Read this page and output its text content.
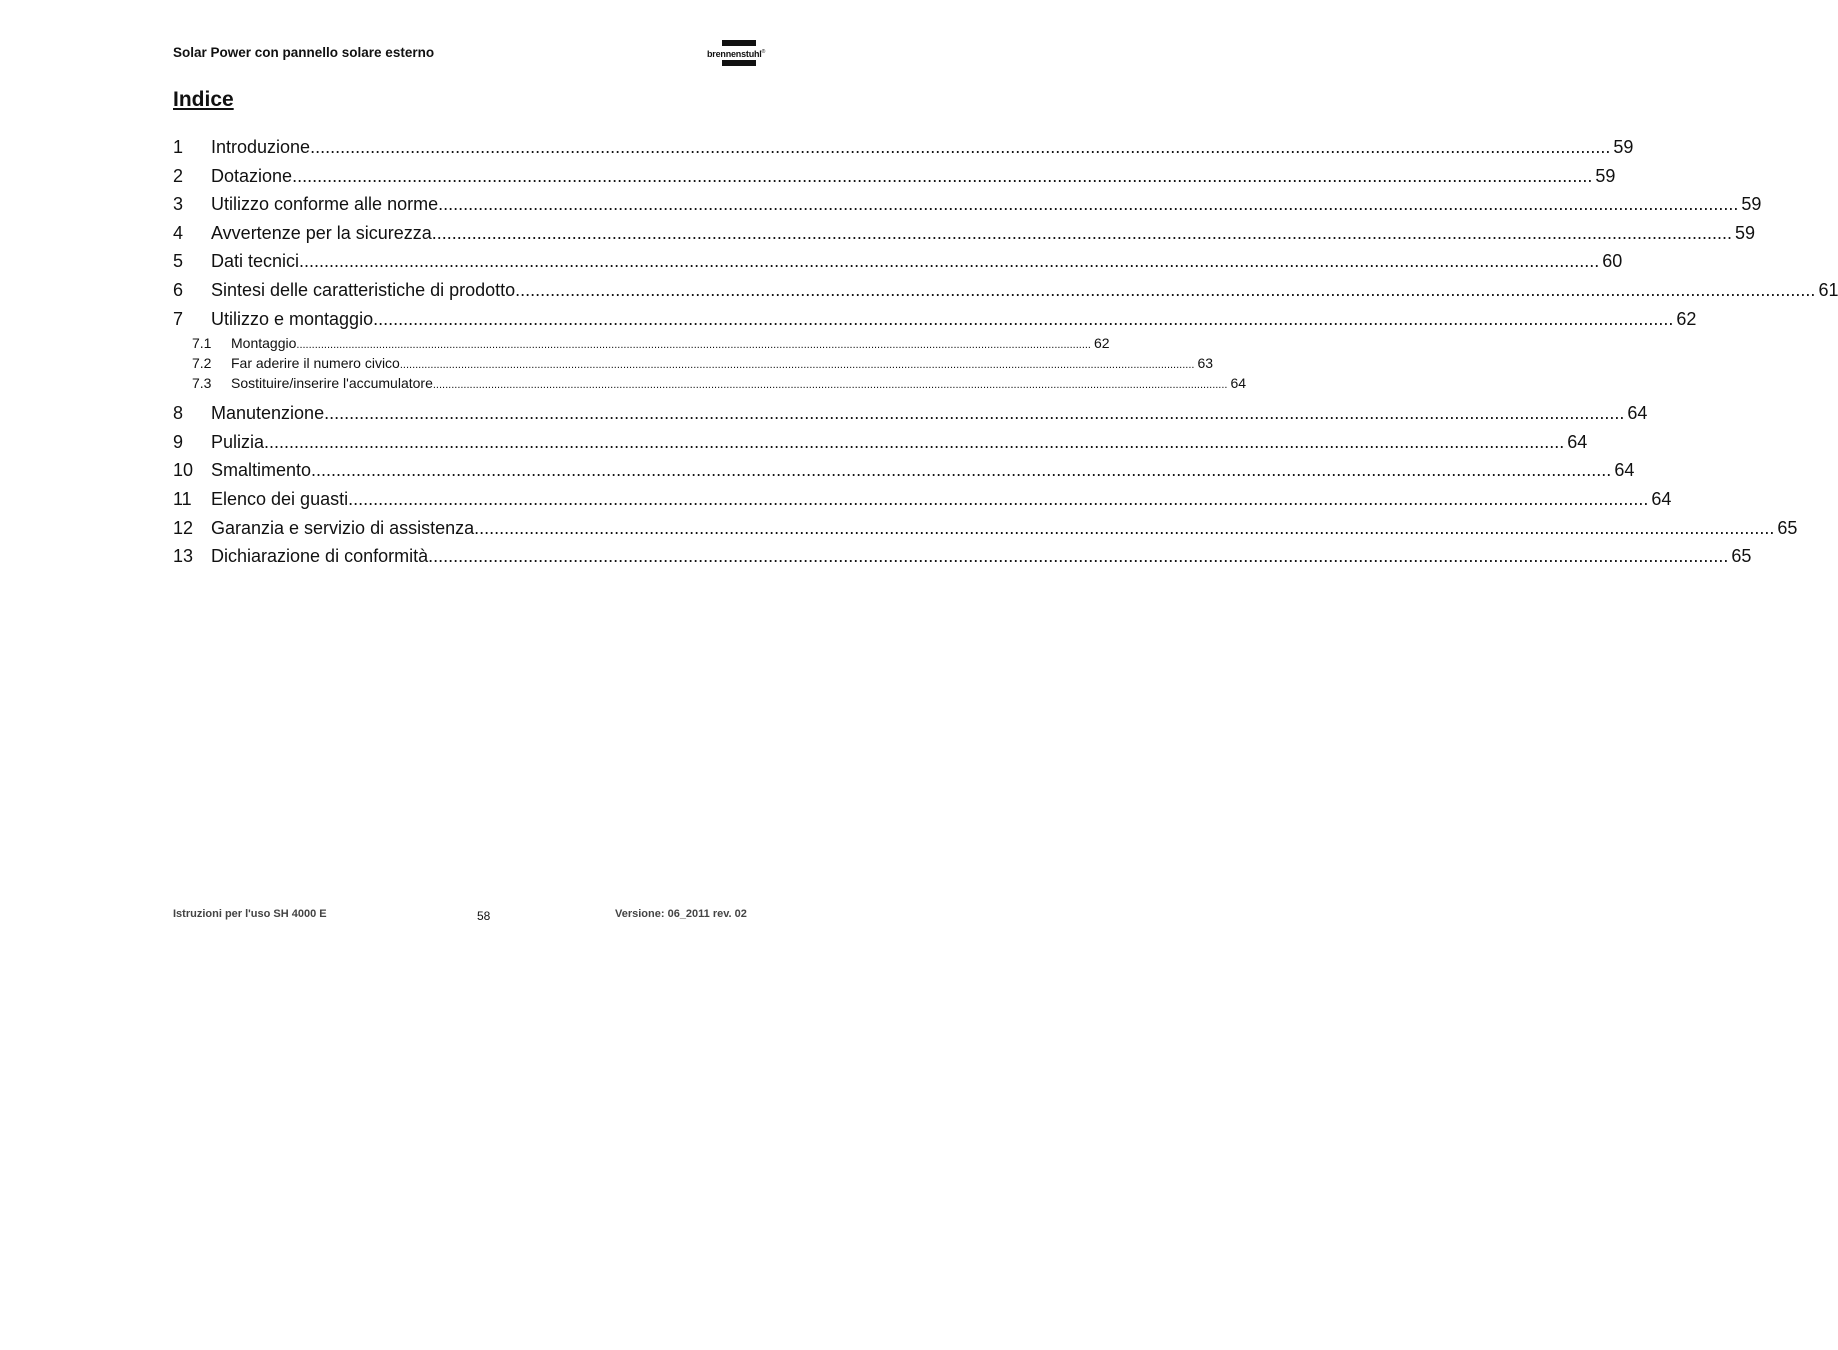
Solar Power con pannello solare esterno	brennenstuhl®
Indice
1	Introduzione .................................................................................................................................................................................................................................................................... 59
2	Dotazione .................................................................................................................................................................................................................................................................... 59
3	Utilizzo conforme alle norme .................................................................................................................................................................................................................................................................... 59
4	Avvertenze per la sicurezza .................................................................................................................................................................................................................................................................... 59
5	Dati tecnici .................................................................................................................................................................................................................................................................... 60
6	Sintesi delle caratteristiche di prodotto .................................................................................................................................................................................................................................................................... 61
7	Utilizzo e montaggio .................................................................................................................................................................................................................................................................... 62
7.1	Montaggio .................................................................................................................................................................................................................................................................... 62
7.2	Far aderire il numero civico .................................................................................................................................................................................................................................................................... 63
7.3	Sostituire/inserire l'accumulatore .................................................................................................................................................................................................................................................................... 64
8	Manutenzione .................................................................................................................................................................................................................................................................... 64
9	Pulizia .................................................................................................................................................................................................................................................................... 64
10 Smaltimento .................................................................................................................................................................................................................................................................... 64
11	Elenco dei guasti .................................................................................................................................................................................................................................................................... 64
12 Garanzia e servizio di assistenza .................................................................................................................................................................................................................................................................... 65
13 Dichiarazione di conformità .................................................................................................................................................................................................................................................................... 65
Istruzioni per l'uso SH 4000 E	58	Versione: 06_2011 rev. 02
